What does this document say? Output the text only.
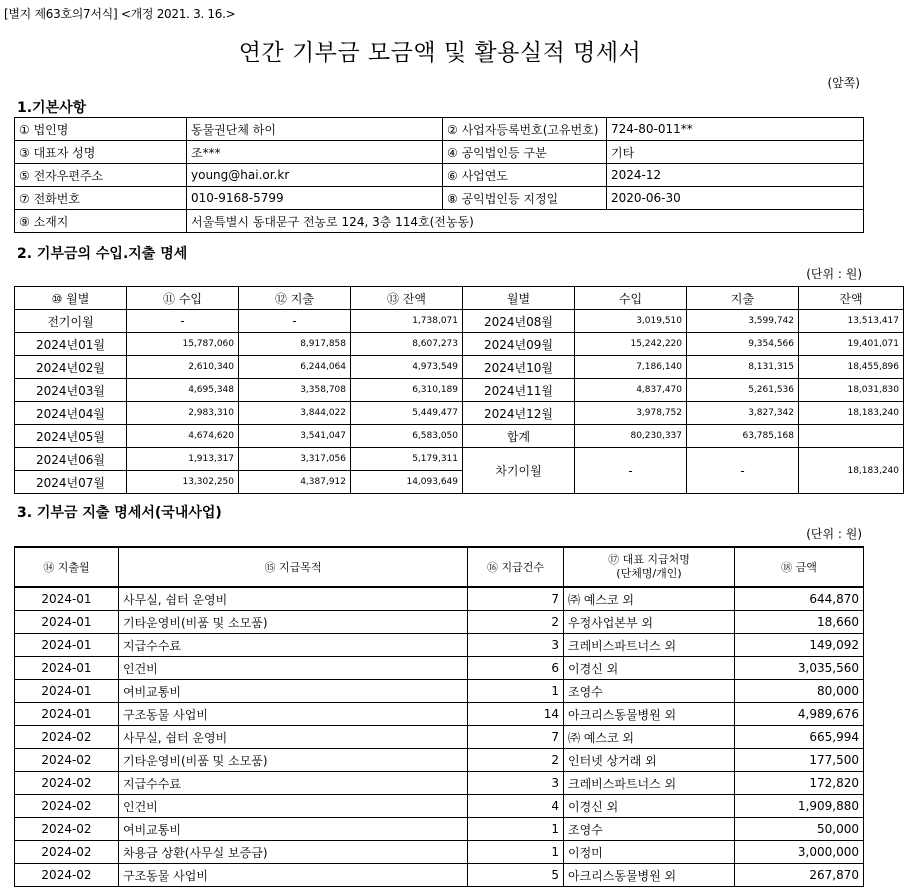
[별지 제63호의7서식] <개정 2021. 3. 16.>
연간 기부금 모금액 및 활용실적 명세서
(앞쪽)
1.기본사항
① 법인명	동물권단체 하이	② 사업자등록번호(고유번호)	724-80-011**
③ 대표자 성명	조***	④ 공익법인등 구분	기타
⑤ 전자우편주소	young@hai.or.kr	⑥ 사업연도	2024-12
⑦ 전화번호	010-9168-5799	⑧ 공익법인등 지정일	2020-06-30
⑨ 소재지	서울특별시 동대문구 전농로 124, 3층 114호(전농동)		
2. 기부금의 수입.지출 명세
(단위 : 원)
⑩ 월별	⑪ 수입	⑫ 지출	⑬ 잔액	월별	수입	지출	잔액
전기이월	-	-	1,738,071	2024년08월	3,019,510	3,599,742	13,513,417
2024년01월	15,787,060	8,917,858	8,607,273	2024년09월	15,242,220	9,354,566	19,401,071
2024년02월	2,610,340	6,244,064	4,973,549	2024년10월	7,186,140	8,131,315	18,455,896
2024년03월	4,695,348	3,358,708	6,310,189	2024년11월	4,837,470	5,261,536	18,031,830
2024년04월	2,983,310	3,844,022	5,449,477	2024년12월	3,978,752	3,827,342	18,183,240
2024년05월	4,674,620	3,541,047	6,583,050	합계	80,230,337	63,785,168	
2024년06월	1,913,317	3,317,056	5,179,311	차기이월	-	-	18,183,240
2024년07월	13,302,250	4,387,912	14,093,649				
3. 기부금 지출 명세서(국내사업)
(단위 : 원)
⑭ 지출월	⑮ 지급목적	⑯ 지급건수	⑰ 대표 지급처명
(단체명/개인)	⑱ 금액
2024-01	사무실, 쉼터 운영비	7	㈜ 예스코 외	644,870
2024-01	기타운영비(비품 및 소모품)	2	우정사업본부 외	18,660
2024-01	지급수수료	3	크레비스파트너스 외	149,092
2024-01	인건비	6	이경신 외	3,035,560
2024-01	여비교통비	1	조영수	80,000
2024-01	구조동물 사업비	14	아크리스동물병원 외	4,989,676
2024-02	사무실, 쉼터 운영비	7	㈜ 예스코 외	665,994
2024-02	기타운영비(비품 및 소모품)	2	인터넷 상거래 외	177,500
2024-02	지급수수료	3	크레비스파트너스 외	172,820
2024-02	인건비	4	이경신 외	1,909,880
2024-02	여비교통비	1	조영수	50,000
2024-02	차용금 상환(사무실 보증금)	1	이정미	3,000,000
2024-02	구조동물 사업비	5	아크리스동물병원 외	267,870
